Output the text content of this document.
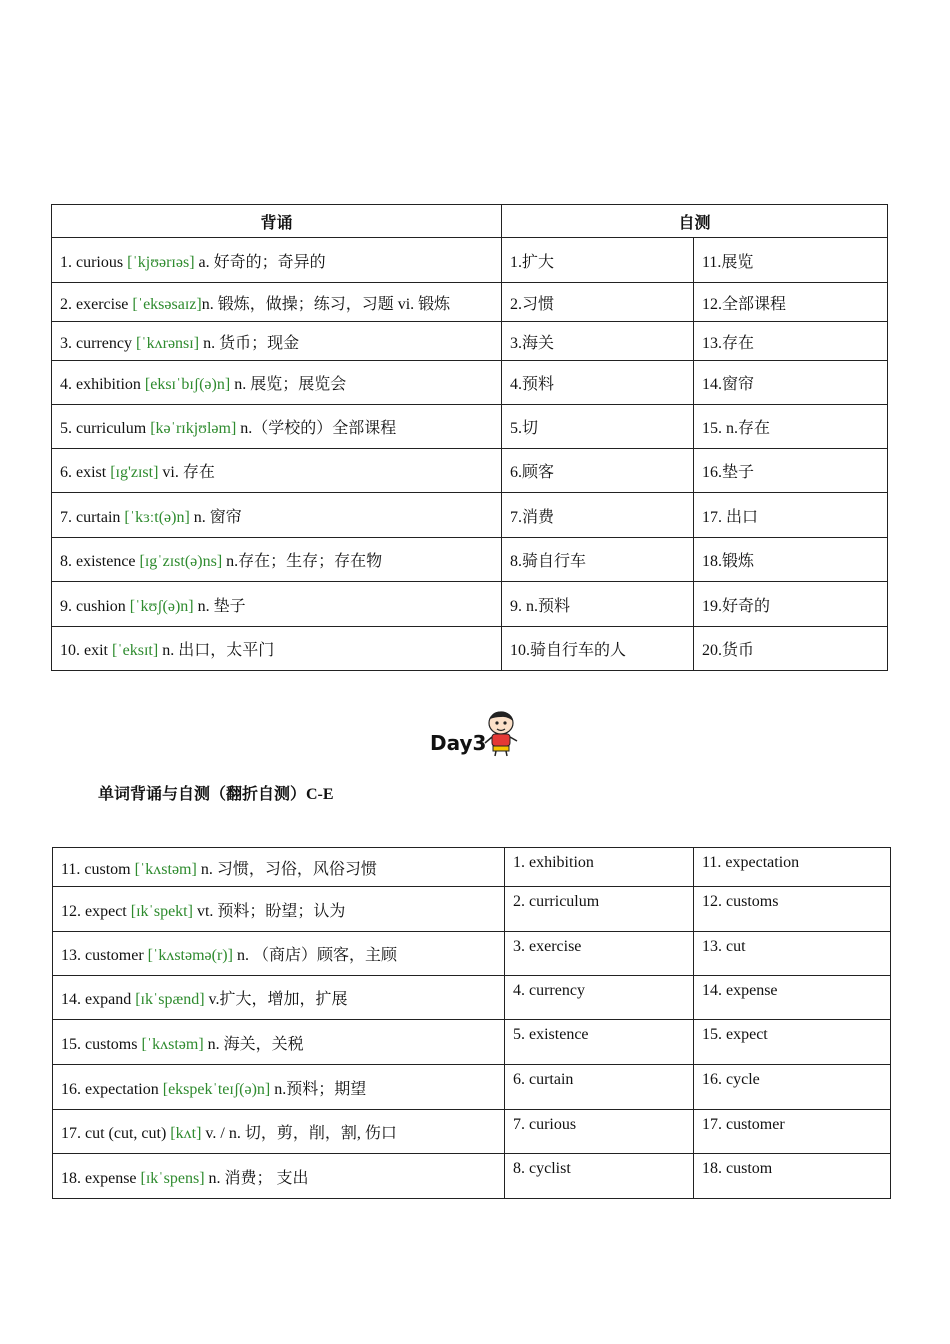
背诵	自测	
1. curious [ˈkjʊərɪəs] a. 好奇的；奇异的	1.扩大	11.展览
2. exercise [ˈeksəsaɪz]n. 锻炼，做操；练习，习题 vi. 锻炼	2.习惯	12.全部课程
3. currency [ˈkʌrənsɪ] n. 货币；现金	3.海关	13.存在
4. exhibition [eksɪˈbɪʃ(ə)n] n. 展览；展览会	4.预料	14.窗帘
5. curriculum [kəˈrɪkjʊləm] n.（学校的）全部课程	5.切	15. n.存在
6. exist [ɪg'zɪst] vi. 存在	6.顾客	16.垫子
7. curtain [ˈkɜːt(ə)n] n. 窗帘	7.消费	17. 出口
8. existence [ɪgˈzɪst(ə)ns] n.存在；生存；存在物	8.骑自行车	18.锻炼
9. cushion [ˈkʊʃ(ə)n] n. 垫子	9. n.预料	19.好奇的
10. exit [ˈeksɪt] n. 出口，太平门	10.骑自行车的人	20.货币
Day3
单词背诵与自测（翻折自测）C-E
11. custom [ˈkʌstəm] n. 习惯，习俗，风俗习惯	1. exhibition	11. expectation
12. expect [ɪkˈspekt] vt. 预料；盼望；认为	2. curriculum	12. customs
13. customer [ˈkʌstəmə(r)] n. （商店）顾客，主顾	3. exercise	13. cut
14. expand [ɪkˈspænd] v.扩大，增加，扩展	4. currency	14. expense
15. customs [ˈkʌstəm] n. 海关，关税	5. existence	15. expect
16. expectation [ekspekˈteɪʃ(ə)n] n.预料；期望	6. curtain	16. cycle
17. cut (cut, cut) [kʌt] v. / n. 切，剪，削，割, 伤口	7. curious	17. customer
18. expense [ɪkˈspens] n. 消费； 支出	8. cyclist	18. custom
